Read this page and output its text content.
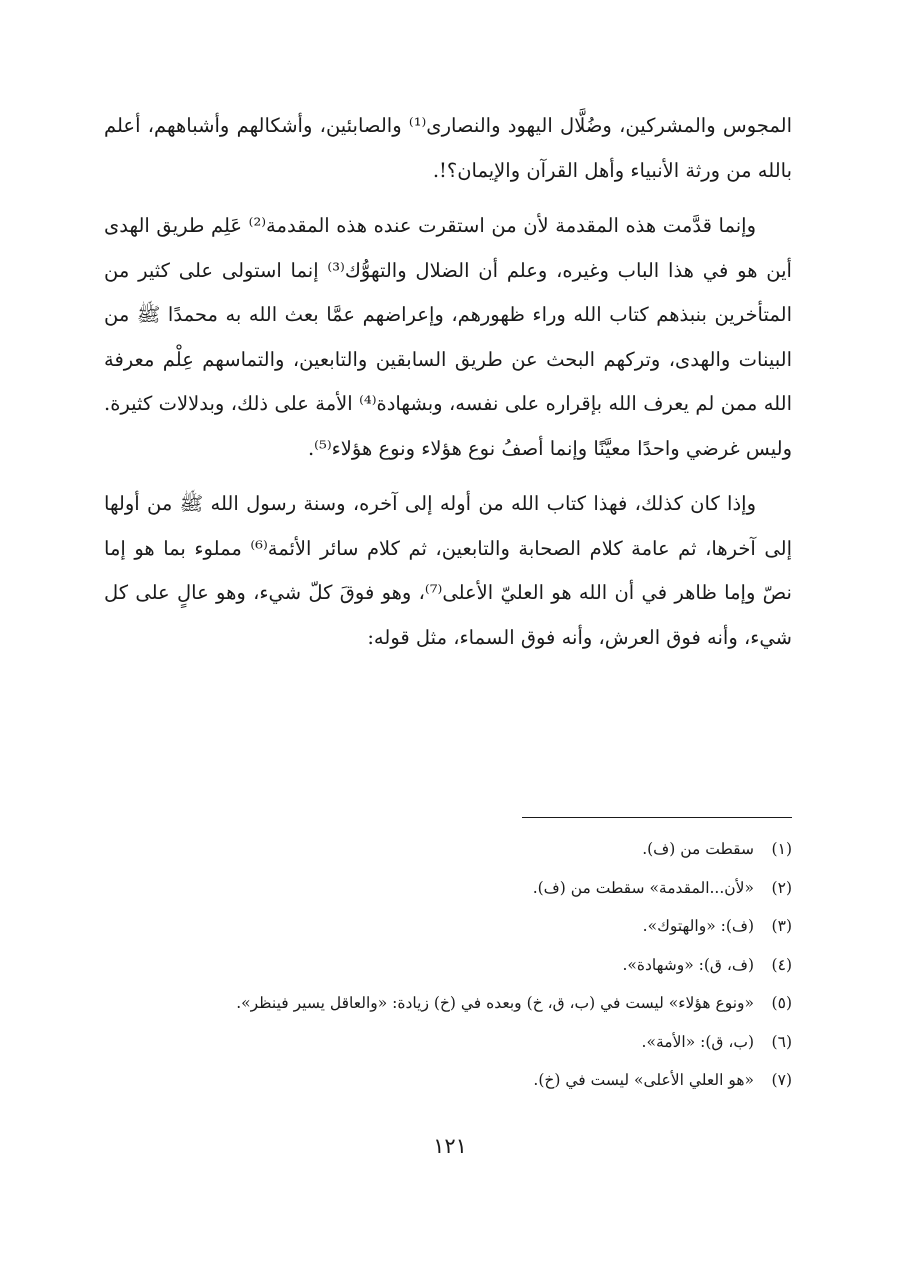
المجوس والمشركين، وضُلَّال اليهود والنصارى⁽¹⁾ والصابئين، وأشكالهم وأشباههم، أعلم بالله من ورثة الأنبياء وأهل القرآن والإيمان؟!.

وإنما قدَّمت هذه المقدمة لأن من استقرت عنده هذه المقدمة⁽²⁾ عَلِم طريق الهدى أين هو في هذا الباب وغيره، وعلم أن الضلال والتهوُّك⁽³⁾ إنما استولى على كثير من المتأخرين بنبذهم كتاب الله وراء ظهورهم، وإعراضهم عمَّا بعث الله به محمدًا ﷺ من البينات والهدى، وتركهم البحث عن طريق السابقين والتابعين، والتماسهم عِلْم معرفة الله ممن لم يعرف الله بإقراره على نفسه، وبشهادة⁽⁴⁾ الأمة على ذلك، وبدلالات كثيرة. وليس غرضي واحدًا معيَّنًا وإنما أصفُ نوع هؤلاء ونوع هؤلاء⁽⁵⁾.

وإذا كان كذلك، فهذا كتاب الله من أوله إلى آخره، وسنة رسول الله ﷺ من أولها إلى آخرها، ثم عامة كلام الصحابة والتابعين، ثم كلام سائر الأئمة⁽⁶⁾ مملوء بما هو إما نصّ وإما ظاهر في أن الله هو العليّ الأعلى⁽⁷⁾، وهو فوقَ كلّ شيء، وهو عالٍ على كل شيء، وأنه فوق العرش، وأنه فوق السماء، مثل قوله:

(١)سقطت من (ف).
(٢)«لأن...المقدمة» سقطت من (ف).
(٣)(ف): «والهتوك».
(٤)(ف، ق): «وشهادة».
(٥)«ونوع هؤلاء» ليست في (ب، ق، خ) وبعده في (خ) زيادة: «والعاقل يسير فينظر».
(٦)(ب، ق): «الأمة».
(٧)«هو العلي الأعلى» ليست في (خ).
١٢١
